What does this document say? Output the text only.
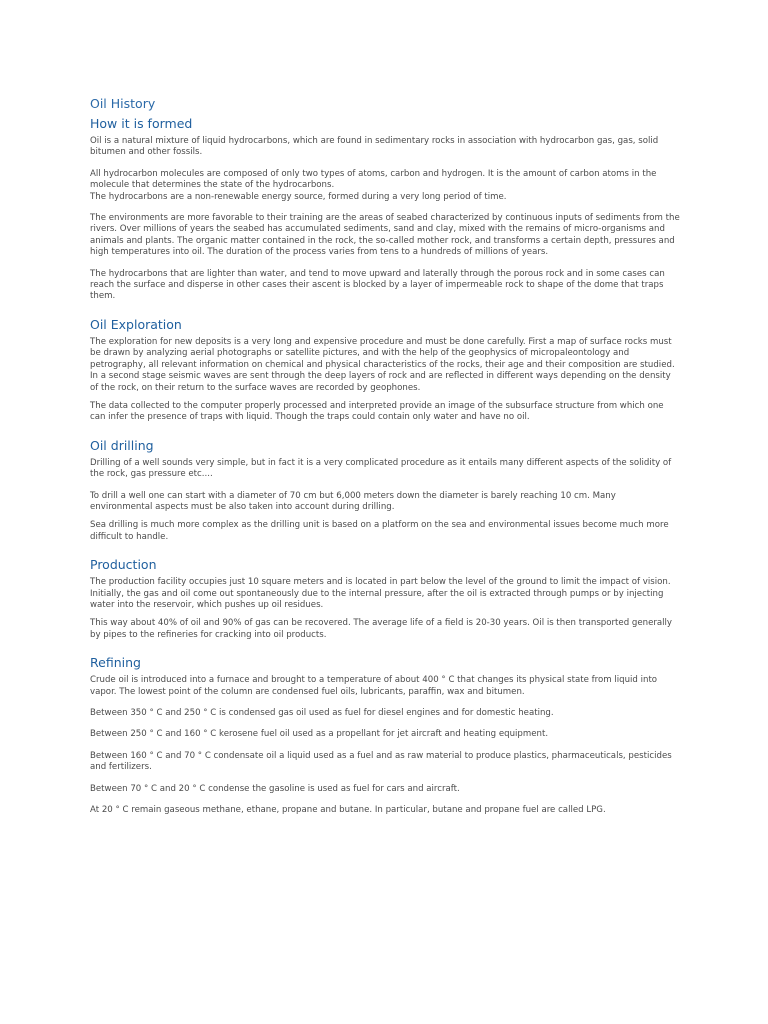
Oil History
How it is formed

Oil is a natural mixture of liquid hydrocarbons, which are found in sedimentary rocks in association with hydrocarbon gas, gas, solid bitumen and other fossils.

All hydrocarbon molecules are composed of only two types of atoms, carbon and hydrogen. It is the amount of carbon atoms in the molecule that determines the state of the hydrocarbons.

The hydrocarbons are a non-renewable energy source, formed during a very long period of time.

The environments are more favorable to their training are the areas of seabed characterized by continuous inputs of sediments from the rivers. Over millions of years the seabed has accumulated sediments, sand and clay, mixed with the remains of micro-organisms and animals and plants. The organic matter contained in the rock, the so-called mother rock, and transforms a certain depth, pressures and high temperatures into oil. The duration of the process varies from tens to a hundreds of millions of years.

The hydrocarbons that are lighter than water, and tend to move upward and laterally through the porous rock and in some cases can reach the surface and disperse in other cases their ascent is blocked by a layer of impermeable rock to shape of the dome that traps them.

Oil Exploration

The exploration for new deposits is a very long and expensive procedure and must be done carefully. First a map of surface rocks must be drawn by analyzing aerial photographs or satellite pictures, and with the help of the geophysics of micropaleontology and petrography, all relevant information on chemical and physical characteristics of the rocks, their age and their composition are studied. In a second stage seismic waves are sent through the deep layers of rock and are reflected in different ways depending on the density of the rock, on their return to the surface waves are recorded by geophones.

The data collected to the computer properly processed and interpreted provide an image of the subsurface structure from which one can infer the presence of traps with liquid. Though the traps could contain only water and have no oil.

Oil drilling

Drilling of a well sounds very simple, but in fact it is a very complicated procedure as it entails many different aspects of the solidity of the rock, gas pressure etc....

To drill a well one can start with a diameter of 70 cm but 6,000 meters down the diameter is barely reaching 10 cm. Many environmental aspects must be also taken into account during drilling.

Sea drilling is much more complex as the drilling unit is based on a platform on the sea and environmental issues become much more difficult to handle.

Production

The production facility occupies just 10 square meters and is located in part below the level of the ground to limit the impact of vision. Initially, the gas and oil come out spontaneously due to the internal pressure, after the oil is extracted through pumps or by injecting water into the reservoir, which pushes up oil residues.

This way about 40% of oil and 90% of gas can be recovered. The average life of a field is 20-30 years. Oil is then transported generally by pipes to the refineries for cracking into oil products.

Refining

Crude oil is introduced into a furnace and brought to a temperature of about 400 ° C that changes its physical state from liquid into vapor. The lowest point of the column are condensed fuel oils, lubricants, paraffin, wax and bitumen.

Between 350 ° C and 250 ° C is condensed gas oil used as fuel for diesel engines and for domestic heating.

Between 250 ° C and 160 ° C kerosene fuel oil used as a propellant for jet aircraft and heating equipment.

Between 160 ° C and 70 ° C condensate oil a liquid used as a fuel and as raw material to produce plastics, pharmaceuticals, pesticides and fertilizers.

Between 70 ° C and 20 ° C condense the gasoline is used as fuel for cars and aircraft.

At 20 ° C remain gaseous methane, ethane, propane and butane. In particular, butane and propane fuel are called LPG.
